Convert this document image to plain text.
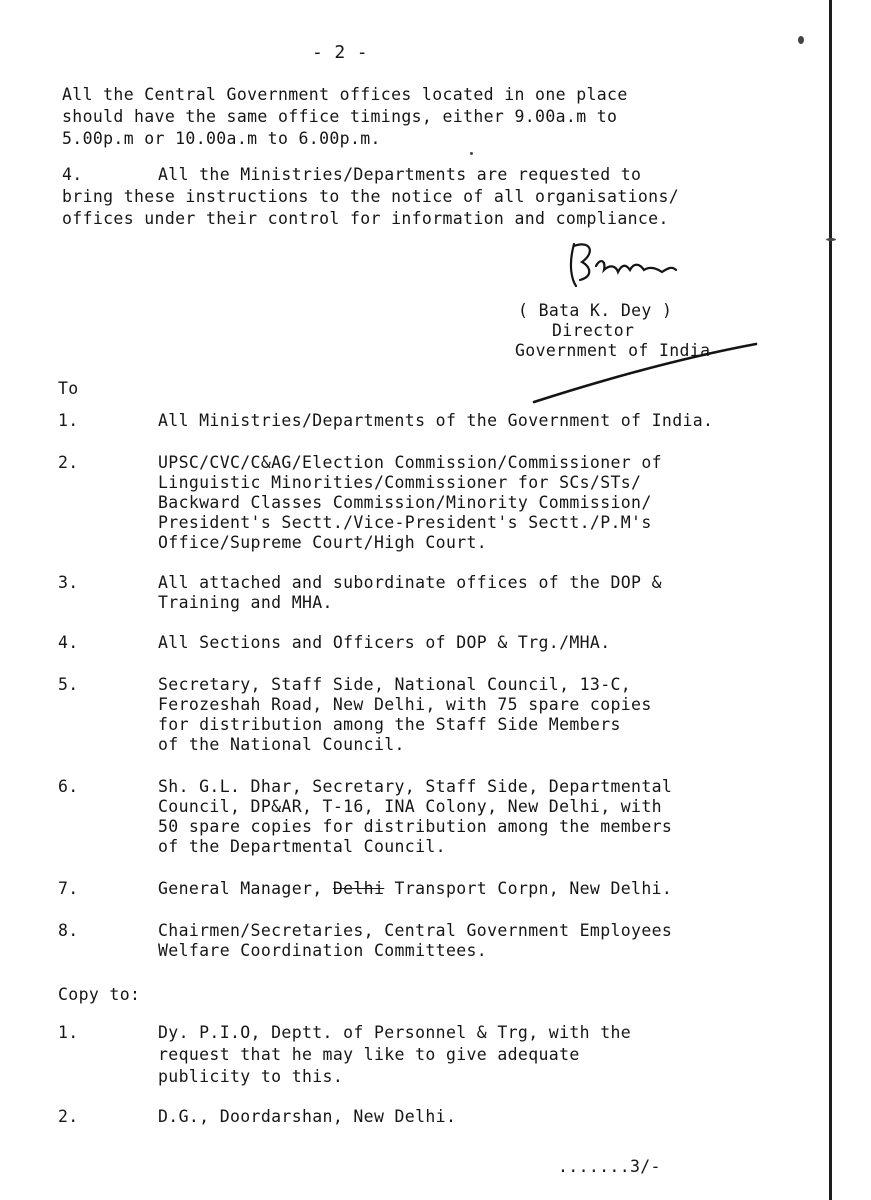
- 2 -
All the Central Government offices located in one place
should have the same office timings, either 9.00a.m to
5.00p.m or 10.00a.m to 6.00p.m.
4.	All the Ministries/Departments are requested to
bring these instructions to the notice of all organisations/
offices under their control for information and compliance.
( Bata K. Dey )
Director
Government of India
To
1.	All Ministries/Departments of the Government of India.
2.	UPSC/CVC/C&AG/Election Commission/Commissioner of
Linguistic Minorities/Commissioner for SCs/STs/
Backward Classes Commission/Minority Commission/
President's Sectt./Vice-President's Sectt./P.M's
Office/Supreme Court/High Court.
3.	All attached and subordinate offices of the DOP &
Training and MHA.
4.	All Sections and Officers of DOP & Trg./MHA.
5.	Secretary, Staff Side, National Council, 13-C,
Ferozeshah Road, New Delhi, with 75 spare copies
for distribution among the Staff Side Members
of the National Council.
6.	Sh. G.L. Dhar, Secretary, Staff Side, Departmental
Council, DP&AR, T-16, INA Colony, New Delhi, with
50 spare copies for distribution among the members
of the Departmental Council.
7.	General Manager, Delhi Transport Corpn, New Delhi.
8.	Chairmen/Secretaries, Central Government Employees
Welfare Coordination Committees.
Copy to:
1.	Dy. P.I.O, Deptt. of Personnel & Trg, with the
request that he may like to give adequate
publicity to this.
2.	D.G., Doordarshan, New Delhi.
.......3/-
